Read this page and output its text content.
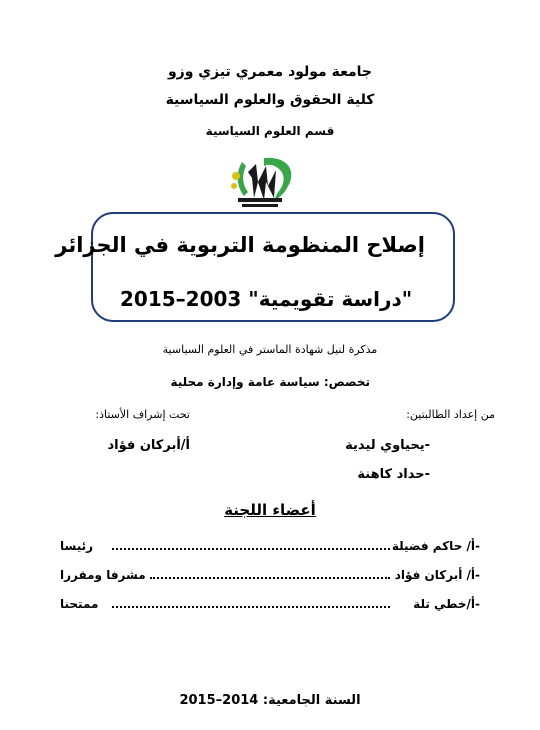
جامعة مولود معمري تيزي وزو
كلية الحقوق والعلوم السياسية
قسم العلوم السياسية
إصلاح المنظومة التربوية في الجزائر
2015–2003 "دراسة تقويمية"
مذكرة لنيل شهادة الماستر في العلوم السياسية
تخصص: سياسة عامة وإدارة محلية
من إعداد الطالبتين:
تحت إشراف الأستاذ:
-يحياوي ليدية
أ/أبركان فؤاد
-حداد كاهنة
أعضاء اللجنة
-أ/ حاكم فضيلة
رئيسا
-أ/ أبركان فؤاد
مشرفا ومقررا
-أ/خطي تلة
ممتحنا
السنة الجامعية: 2015–2014
